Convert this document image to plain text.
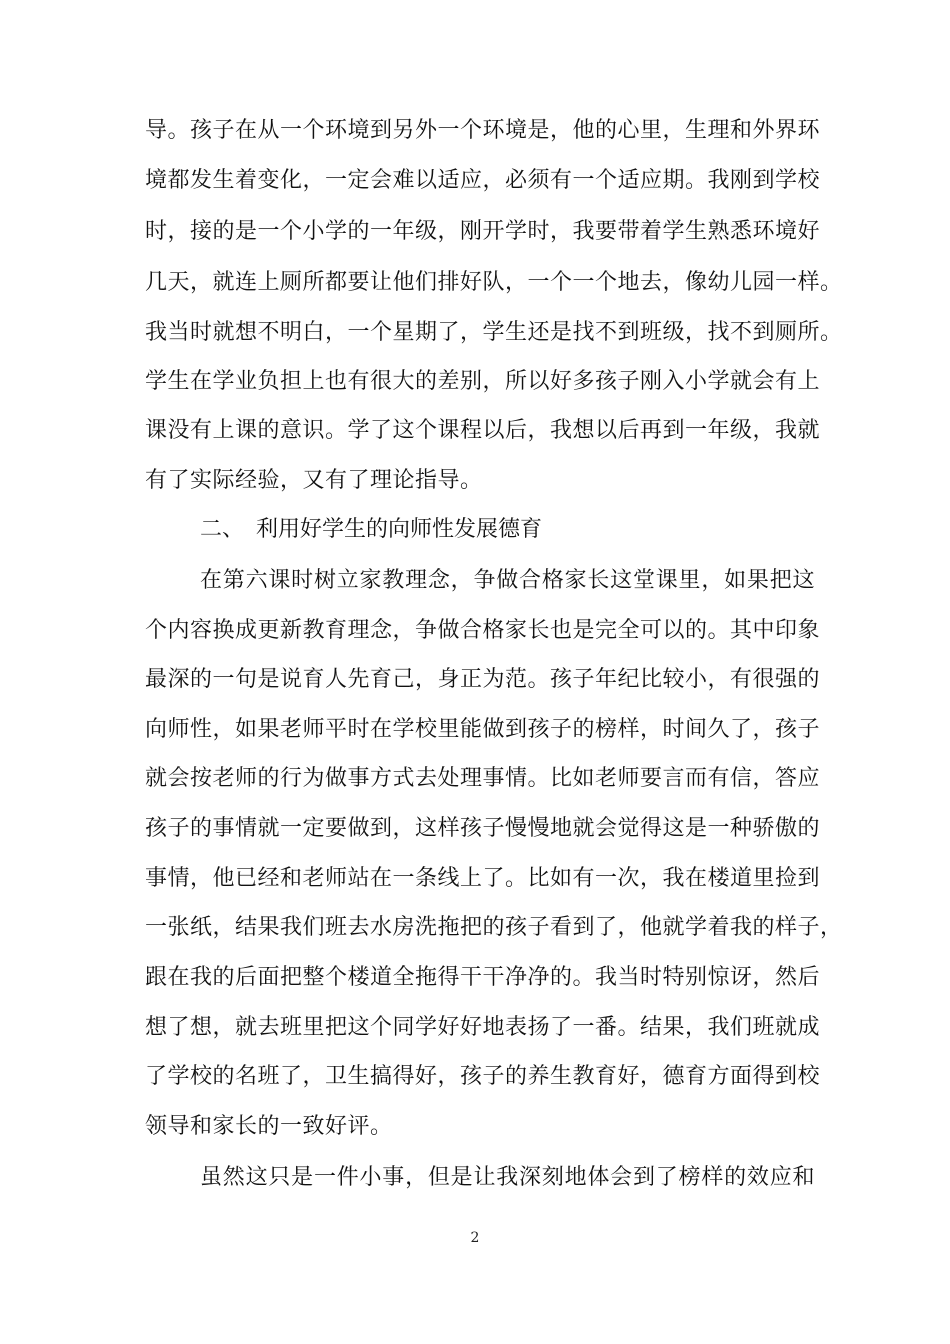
导。孩子在从一个环境到另外一个环境是，他的心里，生理和外界环
境都发生着变化，一定会难以适应，必须有一个适应期。我刚到学校
时，接的是一个小学的一年级，刚开学时，我要带着学生熟悉环境好
几天，就连上厕所都要让他们排好队，一个一个地去，像幼儿园一样。
我当时就想不明白，一个星期了，学生还是找不到班级，找不到厕所。
学生在学业负担上也有很大的差别，所以好多孩子刚入小学就会有上
课没有上课的意识。学了这个课程以后，我想以后再到一年级，我就
有了实际经验，又有了理论指导。
二、 利用好学生的向师性发展德育
在第六课时树立家教理念，争做合格家长这堂课里，如果把这
个内容换成更新教育理念，争做合格家长也是完全可以的。其中印象
最深的一句是说育人先育己，身正为范。孩子年纪比较小，有很强的
向师性，如果老师平时在学校里能做到孩子的榜样，时间久了，孩子
就会按老师的行为做事方式去处理事情。比如老师要言而有信，答应
孩子的事情就一定要做到，这样孩子慢慢地就会觉得这是一种骄傲的
事情，他已经和老师站在一条线上了。比如有一次，我在楼道里捡到
一张纸，结果我们班去水房洗拖把的孩子看到了，他就学着我的样子，
跟在我的后面把整个楼道全拖得干干净净的。我当时特别惊讶，然后
想了想，就去班里把这个同学好好地表扬了一番。结果，我们班就成
了学校的名班了，卫生搞得好，孩子的养生教育好，德育方面得到校
领导和家长的一致好评。
虽然这只是一件小事，但是让我深刻地体会到了榜样的效应和
2
